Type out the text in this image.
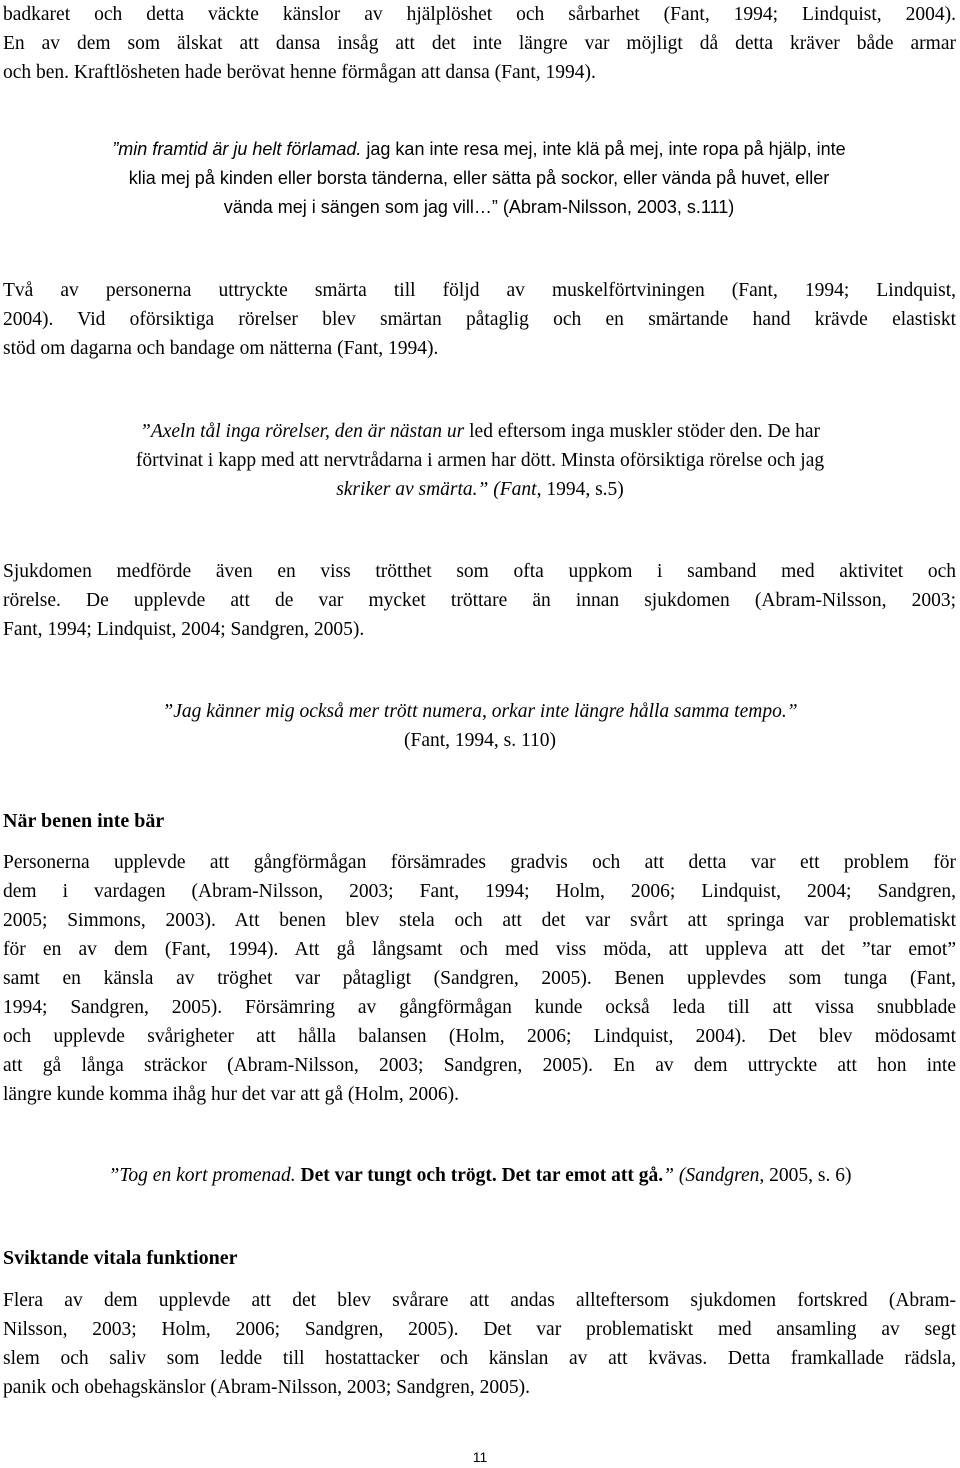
badkaret och detta väckte känslor av hjälplöshet och sårbarhet (Fant, 1994; Lindquist, 2004).
En av dem som älskat att dansa insåg att det inte längre var möjligt då detta kräver både armar
och ben. Kraftlösheten hade berövat henne förmågan att dansa (Fant, 1994).
”min framtid är ju helt förlamad. jag kan inte resa mej, inte klä på mej, inte ropa på hjälp, inte
klia mej på kinden eller borsta tänderna, eller sätta på sockor, eller vända på huvet, eller
vända mej i sängen som jag vill…” (Abram-Nilsson, 2003, s.111)
Två av personerna uttryckte smärta till följd av muskelförtviningen (Fant, 1994; Lindquist,
2004). Vid oförsiktiga rörelser blev smärtan påtaglig och en smärtande hand krävde elastiskt
stöd om dagarna och bandage om nätterna (Fant, 1994).
”Axeln tål inga rörelser, den är nästan ur led eftersom inga muskler stöder den. De har
förtvinat i kapp med att nervtrådarna i armen har dött. Minsta oförsiktiga rörelse och jag
skriker av smärta.” (Fant, 1994, s.5)
Sjukdomen medförde även en viss trötthet som ofta uppkom i samband med aktivitet och
rörelse. De upplevde att de var mycket tröttare än innan sjukdomen (Abram-Nilsson, 2003;
Fant, 1994; Lindquist, 2004; Sandgren, 2005).
”Jag känner mig också mer trött numera, orkar inte längre hålla samma tempo.”
(Fant, 1994, s. 110)
När benen inte bär
Personerna upplevde att gångförmågan försämrades gradvis och att detta var ett problem för
dem i vardagen (Abram-Nilsson, 2003; Fant, 1994; Holm, 2006; Lindquist, 2004; Sandgren,
2005; Simmons, 2003). Att benen blev stela och att det var svårt att springa var problematiskt
för en av dem (Fant, 1994). Att gå långsamt och med viss möda, att uppleva att det ”tar emot”
samt en känsla av tröghet var påtagligt (Sandgren, 2005). Benen upplevdes som tunga (Fant,
1994; Sandgren, 2005). Försämring av gångförmågan kunde också leda till att vissa snubblade
och upplevde svårigheter att hålla balansen (Holm, 2006; Lindquist, 2004). Det blev mödosamt
att gå långa sträckor (Abram-Nilsson, 2003; Sandgren, 2005). En av dem uttryckte att hon inte
längre kunde komma ihåg hur det var att gå (Holm, 2006).
”Tog en kort promenad. Det var tungt och trögt. Det tar emot att gå.” (Sandgren, 2005, s. 6)
Sviktande vitala funktioner
Flera av dem upplevde att det blev svårare att andas allteftersom sjukdomen fortskred (Abram-
Nilsson, 2003; Holm, 2006; Sandgren, 2005). Det var problematiskt med ansamling av segt
slem och saliv som ledde till hostattacker och känslan av att kvävas. Detta framkallade rädsla,
panik och obehagskänslor (Abram-Nilsson, 2003; Sandgren, 2005).
11
